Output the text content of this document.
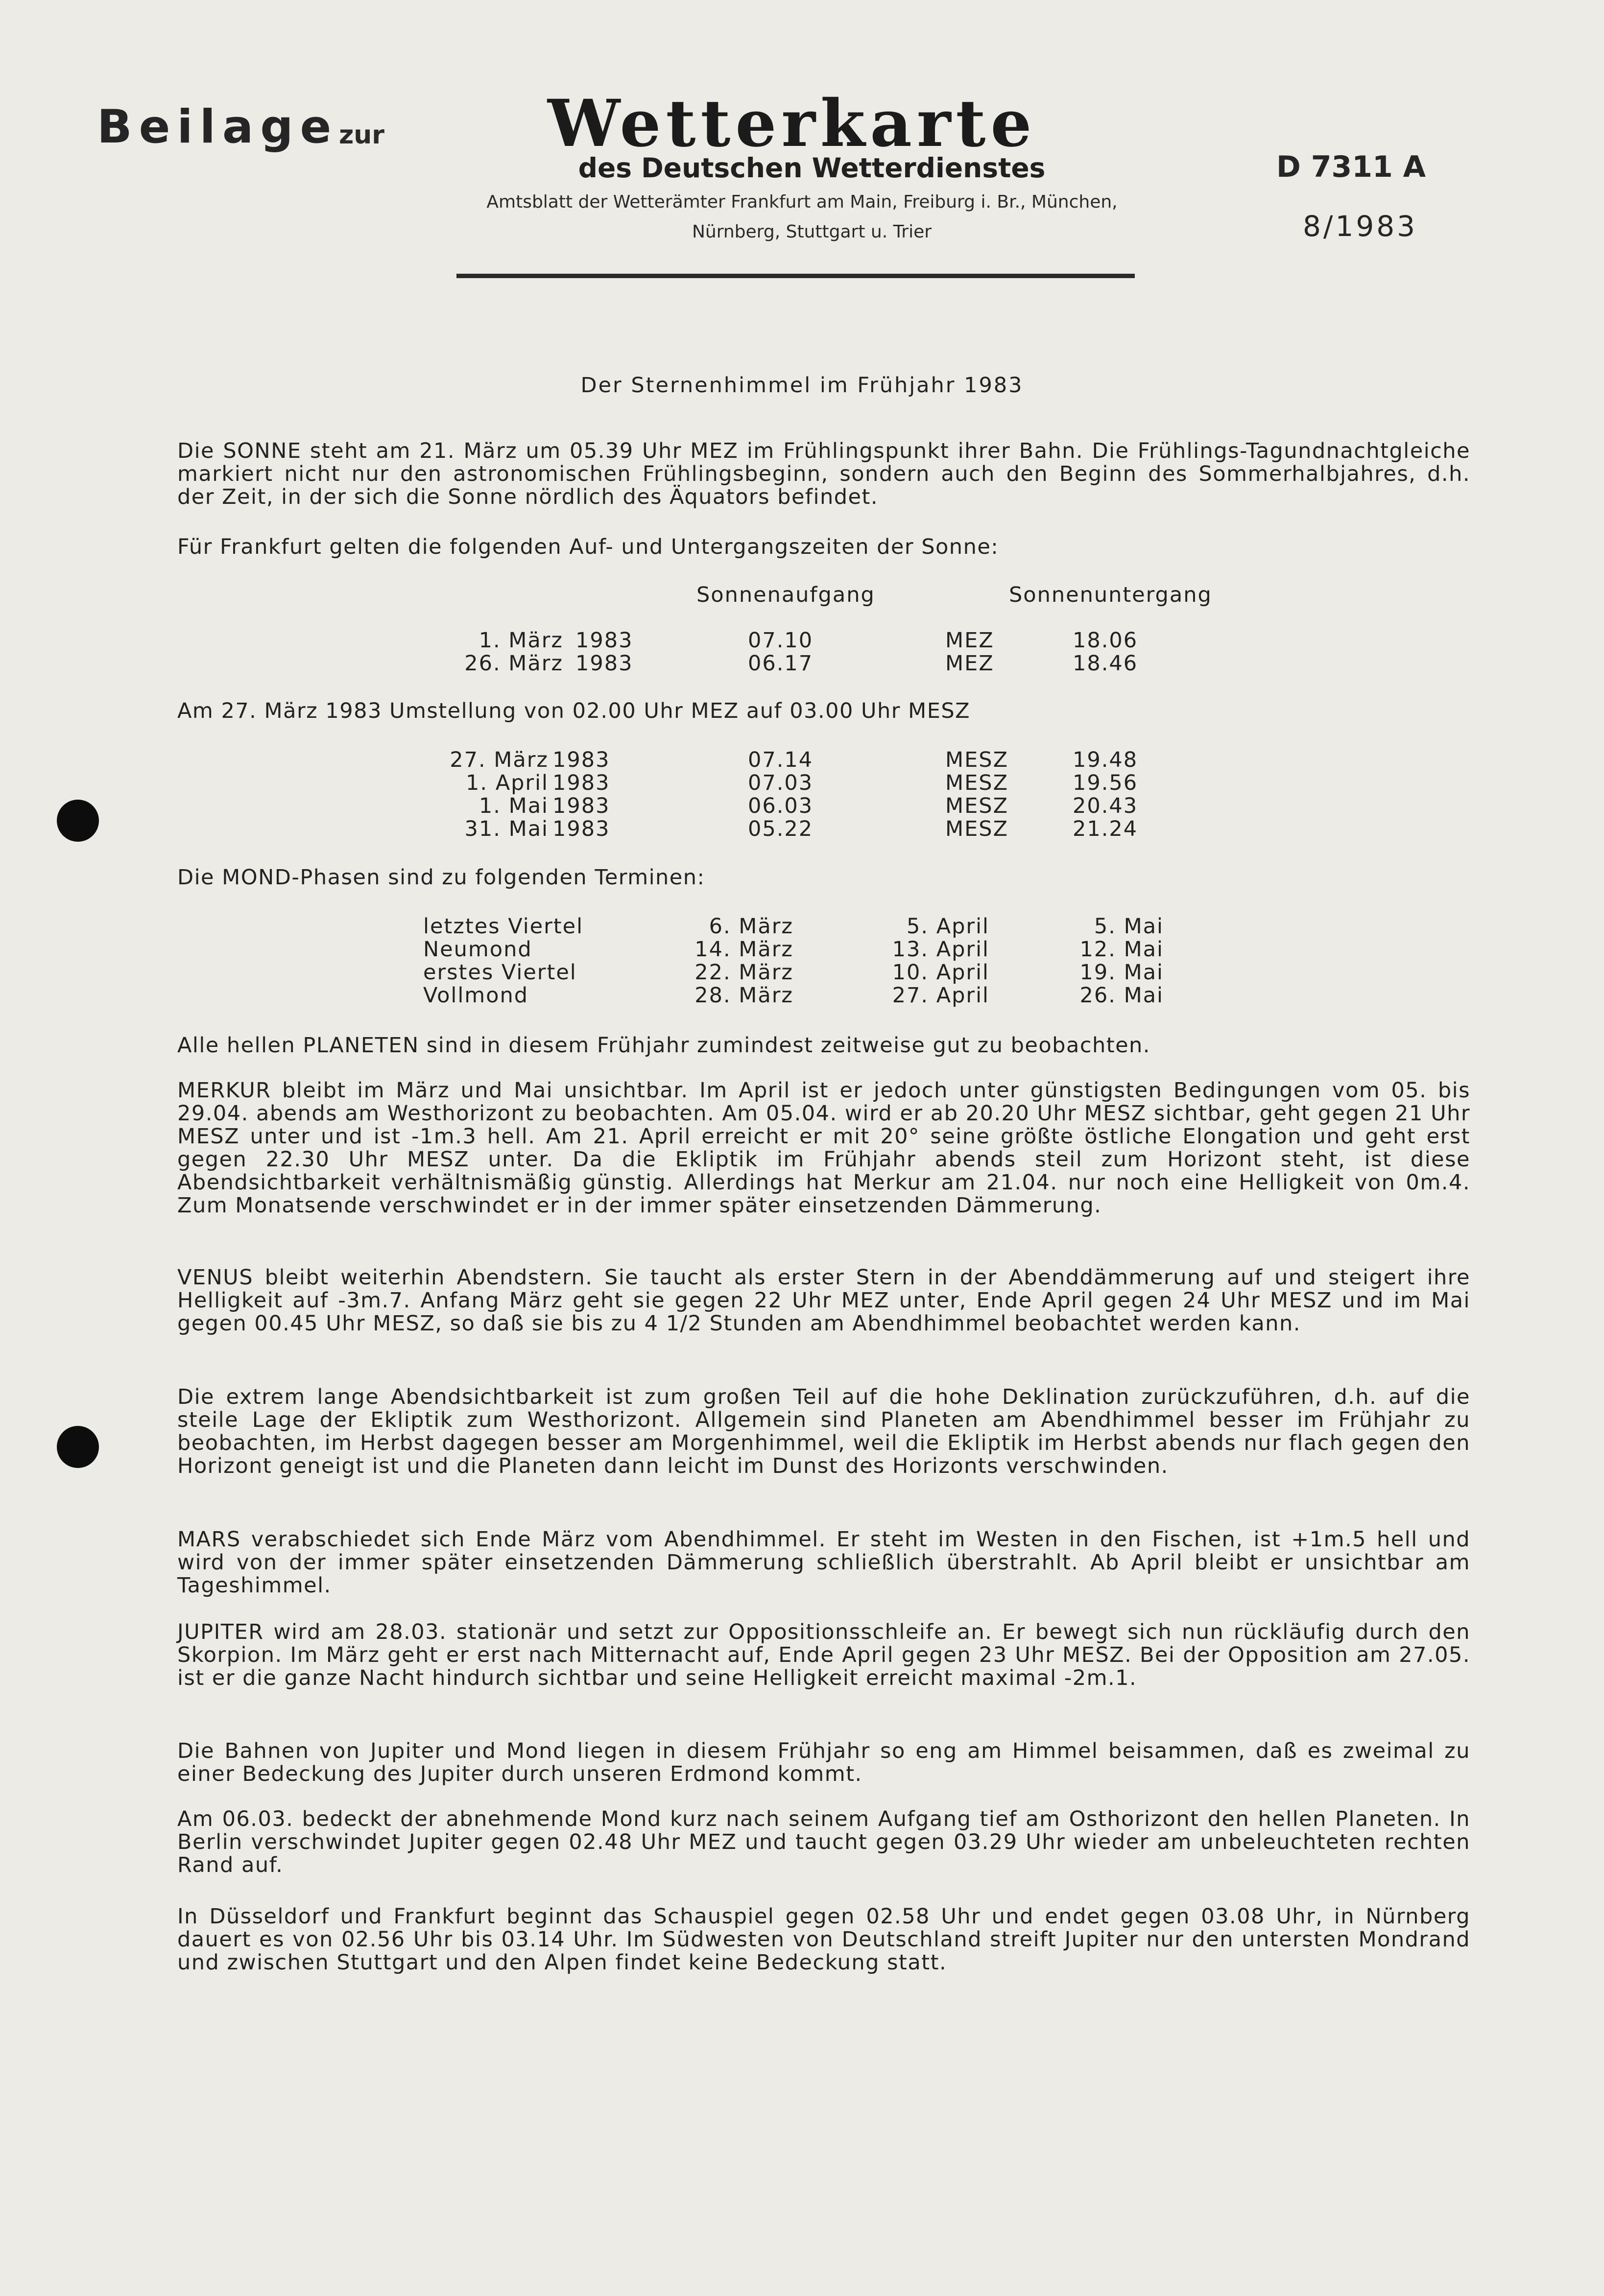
Beilage zur	Wetterkarte
des Deutschen Wetterdienstes
Amtsblatt der Wetterämter Frankfurt am Main, Freiburg i. Br., München,
Nürnberg, Stuttgart u. Trier
D 7311 A
8/1983
Der Sternenhimmel im Frühjahr 1983
Die SONNE steht am 21. März um 05.39 Uhr MEZ im Frühlingspunkt ihrer Bahn. Die Frühlings-Tagundnachtgleiche markiert nicht nur den astronomischen Frühlingsbeginn, sondern auch den Beginn des Sommerhalbjahres, d.h. der Zeit, in der sich die Sonne nördlich des Äquators befindet.
Für Frankfurt gelten die folgenden Auf- und Untergangszeiten der Sonne:
Sonnenaufgang	Sonnenuntergang
1. März 1983	07.10	MEZ	18.06
26. März 1983	06.17	MEZ	18.46
Am 27. März 1983 Umstellung von 02.00 Uhr MEZ auf 03.00 Uhr MESZ
27. März 1983	07.14	MESZ	19.48
1. April 1983	07.03	MESZ	19.56
1. Mai 1983	06.03	MESZ	20.43
31. Mai 1983	05.22	MESZ	21.24
Die MOND-Phasen sind zu folgenden Terminen:
letztes Viertel	6. März	5. April	5. Mai
Neumond	14. März	13. April	12. Mai
erstes Viertel	22. März	10. April	19. Mai
Vollmond	28. März	27. April	26. Mai
Alle hellen PLANETEN sind in diesem Frühjahr zumindest zeitweise gut zu beobachten.
MERKUR bleibt im März und Mai unsichtbar. Im April ist er jedoch unter günstigsten Bedingungen vom 05. bis 29.04. abends am Westhorizont zu beobachten. Am 05.04. wird er ab 20.20 Uhr MESZ sichtbar, geht gegen 21 Uhr MESZ unter und ist -1m.3 hell. Am 21. April erreicht er mit 20° seine größte östliche Elongation und geht erst gegen 22.30 Uhr MESZ unter. Da die Ekliptik im Frühjahr abends steil zum Horizont steht, ist diese Abendsichtbarkeit verhältnismäßig günstig. Allerdings hat Merkur am 21.04. nur noch eine Helligkeit von 0m.4. Zum Monatsende verschwindet er in der immer später einsetzenden Dämmerung.
VENUS bleibt weiterhin Abendstern. Sie taucht als erster Stern in der Abenddämmerung auf und steigert ihre Helligkeit auf -3m.7. Anfang März geht sie gegen 22 Uhr MEZ unter, Ende April gegen 24 Uhr MESZ und im Mai gegen 00.45 Uhr MESZ, so daß sie bis zu 4 1/2 Stunden am Abendhimmel beobachtet werden kann.
Die extrem lange Abendsichtbarkeit ist zum großen Teil auf die hohe Deklination zurückzuführen, d.h. auf die steile Lage der Ekliptik zum Westhorizont. Allgemein sind Planeten am Abendhimmel besser im Frühjahr zu beobachten, im Herbst dagegen besser am Morgenhimmel, weil die Ekliptik im Herbst abends nur flach gegen den Horizont geneigt ist und die Planeten dann leicht im Dunst des Horizonts verschwinden.
MARS verabschiedet sich Ende März vom Abendhimmel. Er steht im Westen in den Fischen, ist +1m.5 hell und wird von der immer später einsetzenden Dämmerung schließlich überstrahlt. Ab April bleibt er unsichtbar am Tageshimmel.
JUPITER wird am 28.03. stationär und setzt zur Oppositionsschleife an. Er bewegt sich nun rückläufig durch den Skorpion. Im März geht er erst nach Mitternacht auf, Ende April gegen 23 Uhr MESZ. Bei der Opposition am 27.05. ist er die ganze Nacht hindurch sichtbar und seine Helligkeit erreicht maximal -2m.1.
Die Bahnen von Jupiter und Mond liegen in diesem Frühjahr so eng am Himmel beisammen, daß es zweimal zu einer Bedeckung des Jupiter durch unseren Erdmond kommt.
Am 06.03. bedeckt der abnehmende Mond kurz nach seinem Aufgang tief am Osthorizont den hellen Planeten. In Berlin verschwindet Jupiter gegen 02.48 Uhr MEZ und taucht gegen 03.29 Uhr wieder am unbeleuchteten rechten Rand auf.
In Düsseldorf und Frankfurt beginnt das Schauspiel gegen 02.58 Uhr und endet gegen 03.08 Uhr, in Nürnberg dauert es von 02.56 Uhr bis 03.14 Uhr. Im Südwesten von Deutschland streift Jupiter nur den untersten Mondrand und zwischen Stuttgart und den Alpen findet keine Bedeckung statt.
